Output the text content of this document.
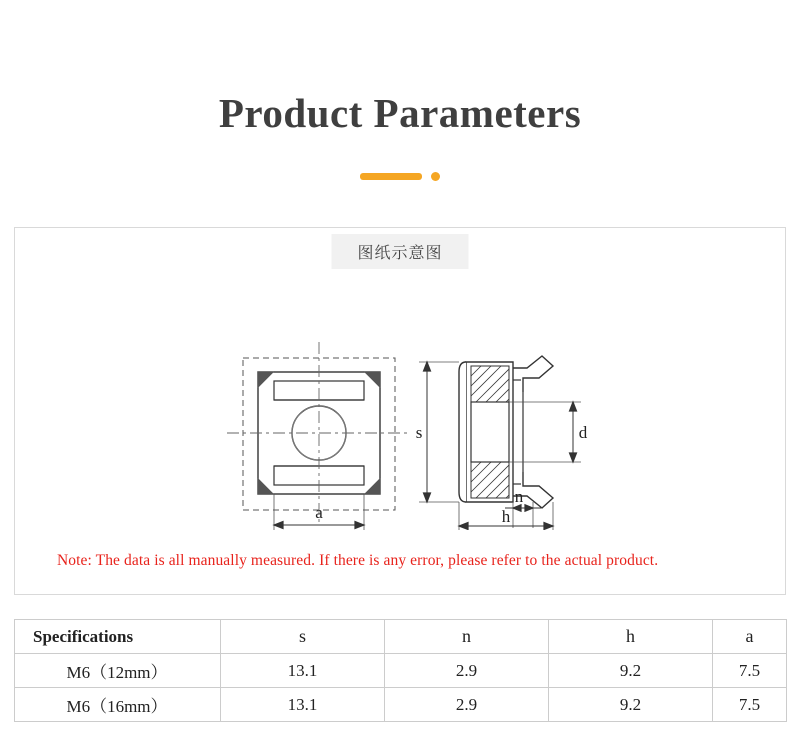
Product Parameters
图纸示意图
a
s	d
n
h
Note: The data is all manually measured. If there is any error, please refer to the actual product.
Specifications	s	n	h	a
M6（12mm）	13.1	2.9	9.2	7.5
M6（16mm）	13.1	2.9	9.2	7.5
